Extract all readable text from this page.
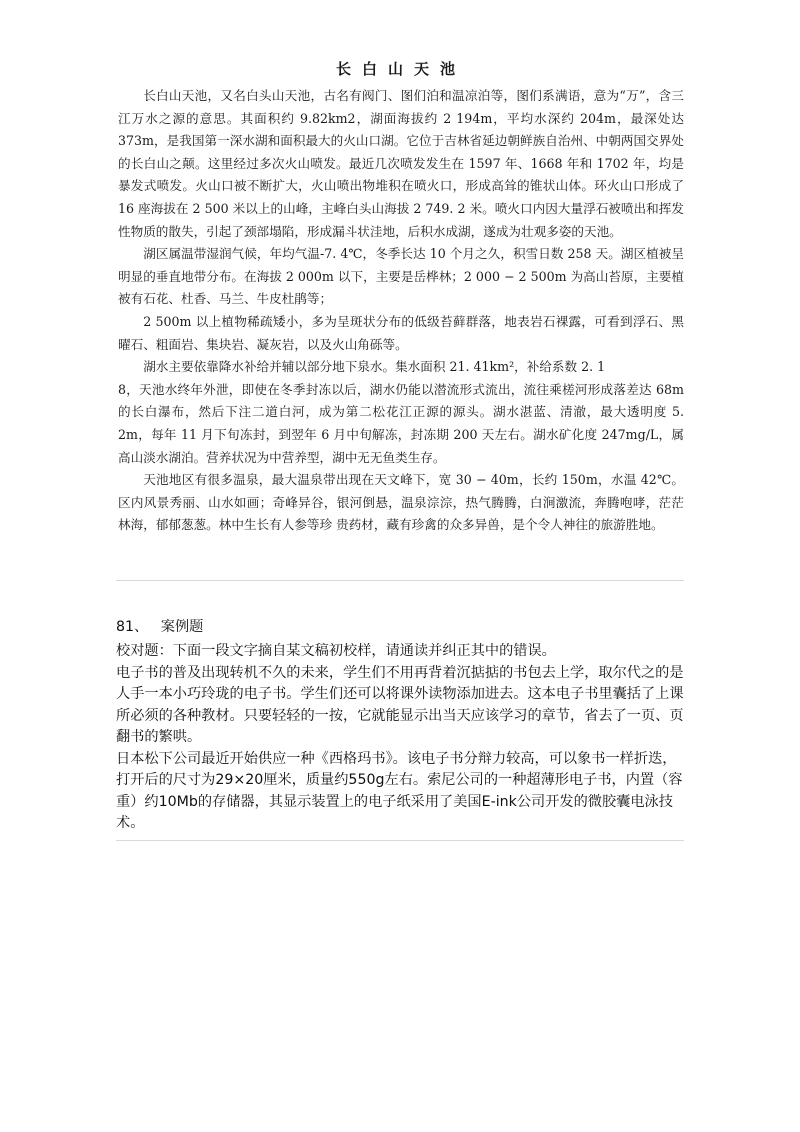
长白山天池

长白山天池，又名白头山天池，古名有阀门、图们泊和温凉泊等，图们系满语，意为“万”，含三江万水之源的意思。其面积约 9.82km2，湖面海拔约 2 194m，平均水深约 204m，最深处达 373m，是我国第一深水湖和面积最大的火山口湖。它位于吉林省延边朝鲜族自治州、中朝两国交界处的长白山之颠。这里经过多次火山喷发。最近几次喷发发生在 1597 年、1668 年和 1702 年，均是暴发式喷发。火山口被不断扩大，火山喷出物堆积在喷火口，形成高耸的锥状山体。环火山口形成了 16 座海拔在 2 500 米以上的山峰，主峰白头山海拔 2 749. 2 米。喷火口内因大量浮石被喷出和挥发性物质的散失，引起了颈部塌陷，形成漏斗状洼地，后积水成湖，遂成为壮观多姿的天池。

湖区属温带湿润气候，年均气温-7. 4℃，冬季长达 10 个月之久，积雪日数 258 天。湖区植被呈明显的垂直地带分布。在海拔 2 000m 以下，主要是岳桦林；2 000 − 2 500m 为高山苔原，主要植被有石花、杜香、马兰、牛皮杜鹃等；

2 500m 以上植物稀疏矮小，多为呈斑状分布的低级苔藓群落，地表岩石裸露，可看到浮石、黑曜石、粗面岩、集块岩、凝灰岩，以及火山角砾等。

湖水主要依靠降水补给并辅以部分地下泉水。集水面积 21. 41km²，补给系数 2. 1

8，天池水终年外泄，即使在冬季封冻以后，湖水仍能以潜流形式流出，流往乘槎河形成落差达 68m 的长白瀑布，然后下注二道白河，成为第二松花江正源的源头。湖水湛蓝、清澈，最大透明度 5. 2m，每年 11 月下旬冻封，到翌年 6 月中旬解冻，封冻期 200 天左右。湖水矿化度 247mg/L，属高山淡水湖泊。营养状况为中营养型，湖中无无鱼类生存。

天池地区有很多温泉，最大温泉带出现在天文峰下，宽 30 − 40m，长约 150m，水温 42℃。区内风景秀丽、山水如画；奇峰异谷，银河倒悬，温泉淙淙，热气腾腾，白涧激流，奔腾咆哮，茫茫林海，郁郁葱葱。林中生长有人参等珍 贵药材，藏有珍禽的众多异兽，是个令人神往的旅游胜地。

81、 案例题

校对题：下面一段文字摘自某文稿初校样，请通读并纠正其中的错误。

电子书的普及出现转机不久的未来，学生们不用再背着沉掂掂的书包去上学，取尔代之的是人手一本小巧玲珑的电子书。学生们还可以将课外读物添加进去。这本电子书里囊括了上课所必须的各种教材。只要轻轻的一按，它就能显示出当天应该学习的章节，省去了一页、页翻书的繁哄。

日本松下公司最近开始供应一种《西格玛书》。该电子书分辩力较高，可以象书一样折迭，打开后的尺寸为29×20厘米，质量约550g左右。索尼公司的一种超薄形电子书，内置（容重）约10Mb的存储器，其显示装置上的电子纸采用了美国E-ink公司开发的微胶囊电泳技术。
